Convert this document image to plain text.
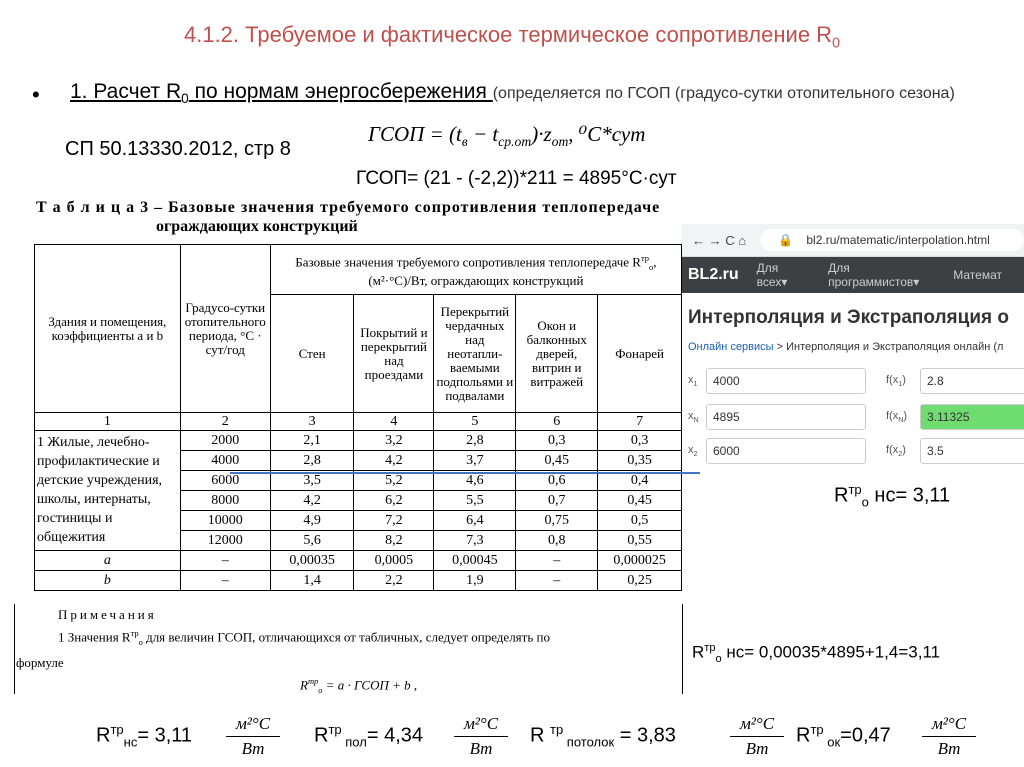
4.1.2. Требуемое и фактическое термическое сопротивление $R_0$
• 1. Расчет $R_0$ по нормам энергосбережения (определяется по ГСОП (градусо-сутки отопительного сезона)
СП 50.13330.2012, стр 8
ГСОП = $(t_в - t_{ср.от})\cdot z_{от}$, ⁰C*сут
ГСОП= (21 - (-2,2))*211 = 4895°С·сут
Т а б л и ц а 3 – Базовые значения требуемого сопротивления теплопередаче
ограждающих конструкций
Здания и помещения, коэффициенты a и b	Градусо-сутки отопительного периода, °С · сут/год	Базовые значения требуемого сопротивления теплопередаче $R^{тр}_о$, (м²·°С)/Вт, ограждающих конструкций				
		Стен	Покрытий и перекрытий над проездами	Перекрытий чердачных над неотапли-ваемыми подпольями и подвалами	Окон и балконных дверей, витрин и витражей	Фонарей
1	2	3	4	5	6	7
1 Жилые, лечебно-профилактические и детские учреждения, школы, интернаты, гостиницы и общежития	2000	2,1	3,2	2,8	0,3	0,3
	4000	2,8	4,2	3,7	0,45	0,35
	6000	3,5	5,2	4,6	0,6	0,4
	8000	4,2	6,2	5,5	0,7	0,45
	10000	4,9	7,2	6,4	0,75	0,5
	12000	5,6	8,2	7,3	0,8	0,55
a	–	0,00035	0,0005	0,00045	–	0,000025
b	–	1,4	2,2	1,9	–	0,25
← → C ⌂	🔒 bl2.ru/matematic/interpolation.html
BL2.ru Для всех▾
Для программистов▾	Математ
Интерполяция и Экстраполяция о
Онлайн сервисы > Интерполяция и Экстраполяция онлайн (л
$x_1$	4000	$f(x_1)$	2.8
$x_N$	4895	$f(x_N)$	3.11325
$x_2$	6000	$f(x_2)$	3.5
$R^{тр}_о$ нс= 3,11
Примечания
1 Значения $R^{тр}_о$ для величин ГСОП, отличающихся от табличных, следует определять по
формуле
$R^{тр}_о = a$ · ГСОП + b ,
$R^{тр}_о$ нс= 0,00035*4895+1,4=3,11
$R^{тр}_{нс}= 3,11$
м²°С
Вт
$R^{тр}$ $_{пол}$= 4,34
м²°С
Вт
R $^{тр}$ $_{потолок}$ = 3,83
м²°С
Вт
$R^{тр}$ $_{ок}$=0,47
м²°С
Вт
